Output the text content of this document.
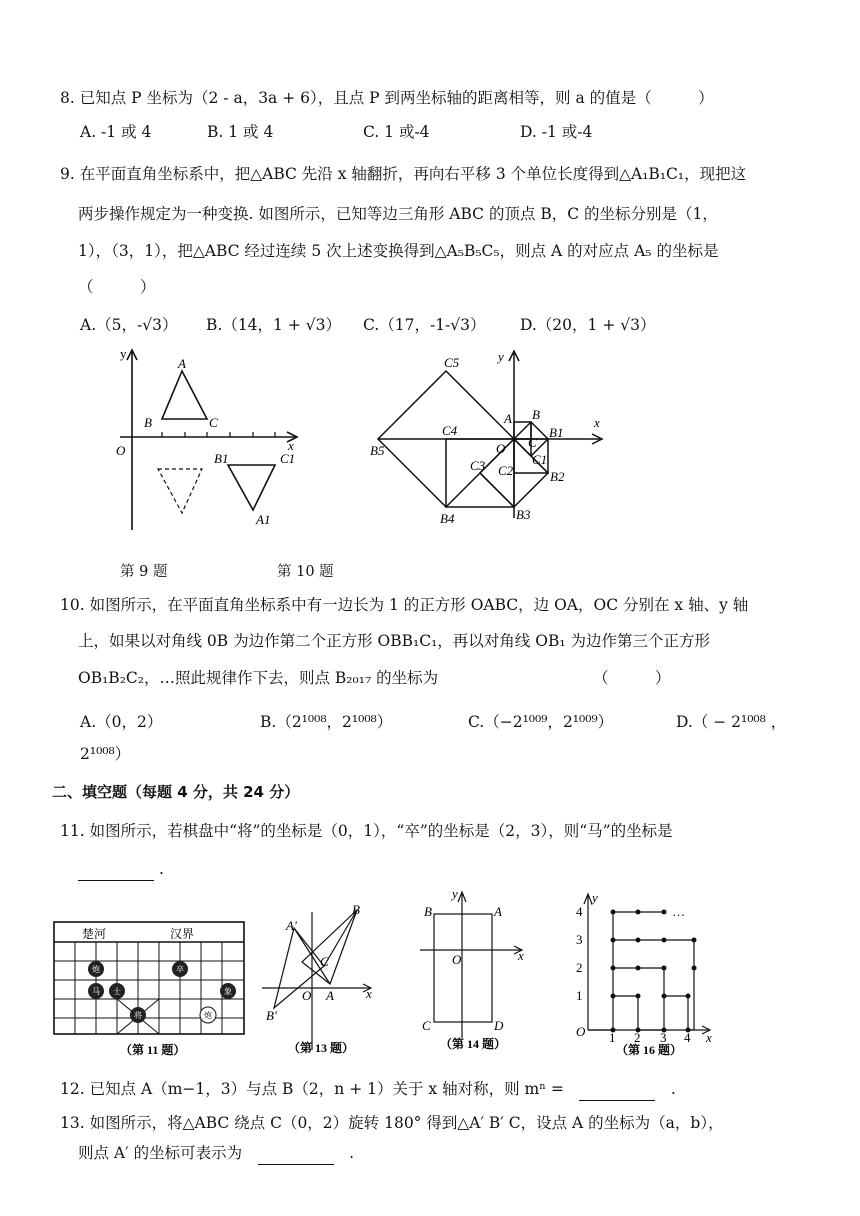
8. 已知点 P 坐标为（2 - a，3a + 6），且点 P 到两坐标轴的距离相等，则 a 的值是（　　　）
A. -1 或 4	B. 1 或 4	C. 1 或-4	D. -1 或-4
9. 在平面直角坐标系中，把△ABC 先沿 x 轴翻折，再向右平移 3 个单位长度得到△A₁B₁C₁，现把这
两步操作规定为一种变换. 如图所示，已知等边三角形 ABC 的顶点 B，C 的坐标分别是（1，
1），（3，1），把△ABC 经过连续 5 次上述变换得到△A₅B₅C₅，则点 A 的对应点 A₅ 的坐标是
（　　　）
A.（5，-√3） B.（14，1 + √3） C.（17，-1-√3） D.（20，1 + √3）
y
x
O
A
B	C
B1	C1
A1
y
x
O
A B
C
B1
C1
B2
C2
B3
C3
B4
C4
B5
C5
第 9 题	第 10 题
10. 如图所示，在平面直角坐标系中有一边长为 1 的正方形 OABC，边 OA，OC 分别在 x 轴、y 轴
上，如果以对角线 0B 为边作第二个正方形 OBB₁C₁，再以对角线 OB₁ 为边作第三个正方形
OB₁B₂C₂，…照此规律作下去，则点 B₂₀₁₇ 的坐标为	（　　　）
A.（0，2）	B.（2¹⁰⁰⁸，2¹⁰⁰⁸）	C.（−2¹⁰⁰⁹，2¹⁰⁰⁹）	D.（ − 2¹⁰⁰⁸ ，
2¹⁰⁰⁸）
二、填空题（每题 4 分，共 24 分）
11. 如图所示，若棋盘中“将”的坐标是（0，1），“卒”的坐标是（2，3），则“马”的坐标是
.
楚河	汉界
炮
马 士
将
卒
象
炮
（第 11 题）
A'
B
C
O A x
B'
（第 13 题）
y
B	A
O	x
C	D
（第 14 题）
y
4
3
2
1
O 1 2 3 4 x
…
（第 16 题）
12. 已知点 A（m−1，3）与点 B（2，n + 1）关于 x 轴对称，则 mⁿ =　 　	.
13. 如图所示，将△ABC 绕点 C（0，2）旋转 180° 得到△A′ B′ C，设点 A 的坐标为（a，b），
则点 A′ 的坐标可表示为　 　	.
